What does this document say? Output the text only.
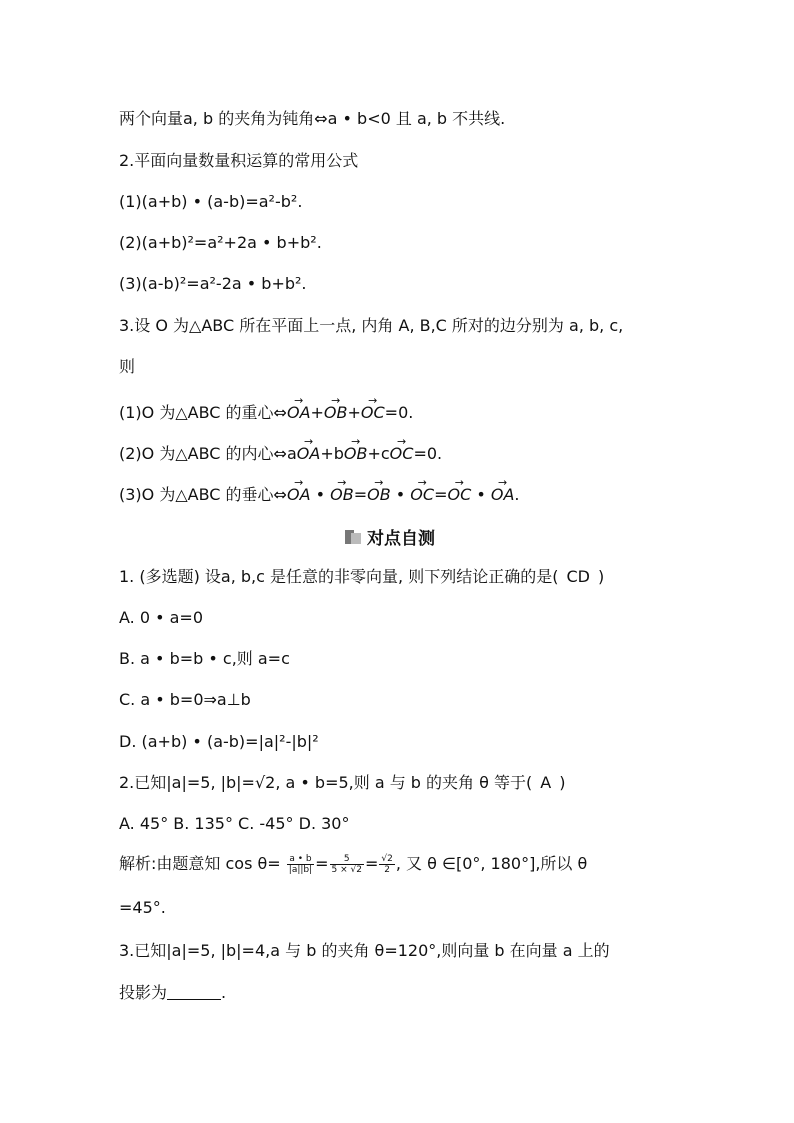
两个向量a, b 的夹角为钝角⇔a • b<0 且 a, b 不共线.
2.平面向量数量积运算的常用公式
(1)(a+b) • (a-b)=a²-b².
(2)(a+b)²=a²+2a • b+b².
(3)(a-b)²=a²-2a • b+b².
3.设 O 为△ABC 所在平面上一点, 内角 A, B,C 所对的边分别为 a, b, c,
则
(1)O 为△ABC 的重心⇔→ OA+→ OB+→ OC=0.
(2)O 为△ABC 的内心⇔a→ OA+b→ OB+c→ OC=0.
(3)O 为△ABC 的垂心⇔→ OA • → OB=→ OB • → OC=→ OC • → OA.
对点自测
1. (多选题) 设a, b,c 是任意的非零向量, 则下列结论正确的是( CD )
A. 0 • a=0
B. a • b=b • c,则 a=c
C. a • b=0⇒a⊥b
D. (a+b) • (a-b)=|a|²-|b|²
2.已知|a|=5, |b|=√2, a • b=5,则 a 与 b 的夹角 θ 等于( A )
A. 45° B. 135° C. -45° D. 30°
解析:由题意知 $\cos \theta= \frac{a • b}{|a||b|} = \frac{5}{5 \times √2} = \frac{√2}{2}$ , 又 θ ∈[0°, 180°],所以 θ
=45°.
3.已知|a|=5, |b|=4,a 与 b 的夹角 θ=120°,则向量 b 在向量 a 上的
投影为	.
